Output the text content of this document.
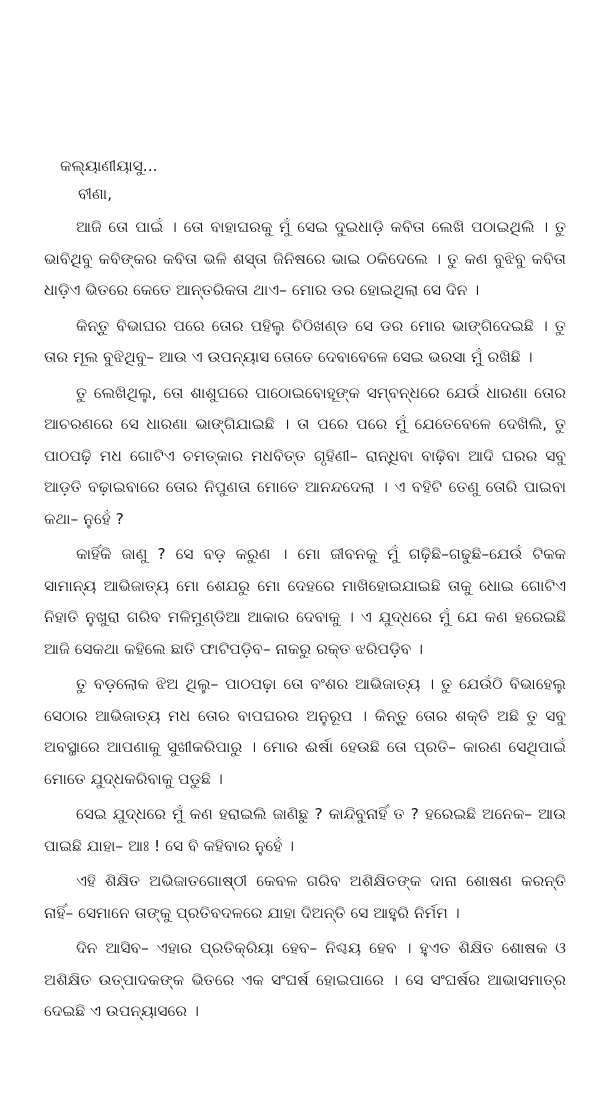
କଲ୍ୟାଣୀୟାସୁ...

ବୀଣା,

ଆଜି ତୋ ପାଇଁ । ତୋ ବାହାଘରକୁ ମୁଁ ସେଇ ଦୁଇଧାଡ଼ି କବିତା ଲେଖି ପଠାଇଥିଲି । ତୁ ଭାବିଥିବୁ କବିଙ୍କର କବିତା ଭଳି ଶସ୍ତା ଜିନିଷରେ ଭାଇ ଠକିଦେଲେ । ତୁ କଣ ବୁଝିବୁ କବିତା ଧାଡ଼ିଏ ଭିତରେ କେତେ ଆନ୍ତରିକତା ଥାଏ– ମୋର ଡର ହୋଇଥିଲା ସେ ଦିନ ।

କିନ୍ତୁ ବିଭାଘର ପରେ ତୋର ପହିଲୁ ଚିଠିଖଣ୍ଡ ସେ ଡର ମୋର ଭାଙ୍ଗିଦେଇଛି । ତୁ ତାର ମୂଲ ବୁଝିଥିବୁ– ଆଉ ଏ ଉପନ୍ୟାସ ତୋତେ ଦେବାବେଳେ ସେଇ ଭରସା ମୁଁ ରଖିଛି ।

ତୁ ଲେଖିଥିଲୁ, ତୋ ଶାଶୁଘରେ ପାଠୋଇବୋହୂଙ୍କ ସମ୍ବନ୍ଧରେ ଯେଉଁ ଧାରଣା ତୋର ଆଚରଣରେ ସେ ଧାରଣା ଭାଙ୍ଗିଯାଇଛି । ତା ପରେ ପରେ ମୁଁ ଯେତେବେଳେ ଦେଖିଲି, ତୁ ପାଠପଢ଼ି ମଧ ଗୋଟିଏ ଚମତ୍କାର ମଧବିତ୍ତ ଗୃହିଣୀ– ରାନ୍ଧିବା ବାଢ଼ିବା ଆଦି ଘରର ସବୁ ଆଡ଼ତି ବଢ଼ାଇବାରେ ତୋର ନିପୁଣତା ମୋତେ ଆନନ୍ଦଦେଲା । ଏ ବହିଟି ତେଣୁ ତୋରି ପାଇବା କଥା– ନୁହେଁ ?

କାହିଁକି ଜାଣୁ ? ସେ ବଡ଼ କରୁଣ । ମୋ ଜୀବନକୁ ମୁଁ ଗଢ଼ିଛି–ଗଢୁଛି–ଯେଉଁ ଟିକକ ସାମାନ୍ୟ ଆଭିଜାତ୍ୟ ମୋ ଶେଯରୁ ମୋ ଦେହରେ ମାଖିହୋଇଯାଇଛି ତାକୁ ଧୋଇ ଗୋଟିଏ ନିହାତି ନୁଖୁରା ଗରିବ ମଳିମୁଣ୍ଡିଆ ଆକାର ଦେବାକୁ । ଏ ଯୁଦ୍ଧରେ ମୁଁ ଯେ କଣ ହରେଇଛି ଆଜି ସେକଥା କହିଲେ ଛାତି ଫାଟିପଡ଼ିବ– ନାକରୁ ରକ୍ତ ଝରିପଡ଼ିବ ।

ତୁ ବଡ଼ଲୋକ ଝିଅ ଥିଲୁ– ପାଠପଢ଼ା ତୋ ବଂଶର ଆଭିଜାତ୍ୟ । ତୁ ଯେଉଁଠି ବିଭାହେଲୁ ସେଠାର ଆଭିଜାତ୍ୟ ମଧ ତୋର ବାପଘରର ଅନୁରୂପ । କିନ୍ତୁ ତୋର ଶକ୍ତି ଅଛି ତୁ ସବୁ ଅବସ୍ଥାରେ ଆପଣାକୁ ସୁଖୀକରିପାରୁ । ମୋର ଈର୍ଷା ହେଉଛି ତୋ ପ୍ରତି– କାରଣ ସେଥିପାଇଁ ମୋତେ ଯୁଦ୍ଧକରିବାକୁ ପଡୁଛି ।

ସେଇ ଯୁଦ୍ଧରେ ମୁଁ କଣ ହରାଇଲି ଜାଣିଛୁ ? କାନ୍ଦିବୁନାହିଁ ତ ? ହରେଇଛି ଅନେକ– ଆଉ ପାଇଛି ଯାହା– ଆଃ ! ସେ ବି କହିବାର ନୁହେଁ ।

ଏହି ଶିକ୍ଷିତ ଅଭିଜାତଗୋଷ୍ଠୀ କେବଳ ଗରିବ ଅଶିକ୍ଷିତଙ୍କ ଦାନା ଶୋଷଣ କରନ୍ତି ନାହିଁ– ସେମାନେ ତାଙ୍କୁ ପ୍ରତିବଦଳରେ ଯାହା ଦିଅନ୍ତି ସେ ଆହୁରି ନିର୍ମମ ।

ଦିନ ଆସିବ– ଏହାର ପ୍ରତିକ୍ରିୟା ହେବ– ନିଶ୍ଚୟ ହେବ । ହୁଏତ ଶିକ୍ଷିତ ଶୋଷକ ଓ ଅଶିକ୍ଷିତ ଉତ୍ପାଦକଙ୍କ ଭିତରେ ଏକ ସଂଘର୍ଷ ହୋଇପାରେ । ସେ ସଂଘର୍ଷର ଆଭାସମାତ୍ର ଦେଇଛି ଏ ଉପନ୍ୟାସରେ ।
